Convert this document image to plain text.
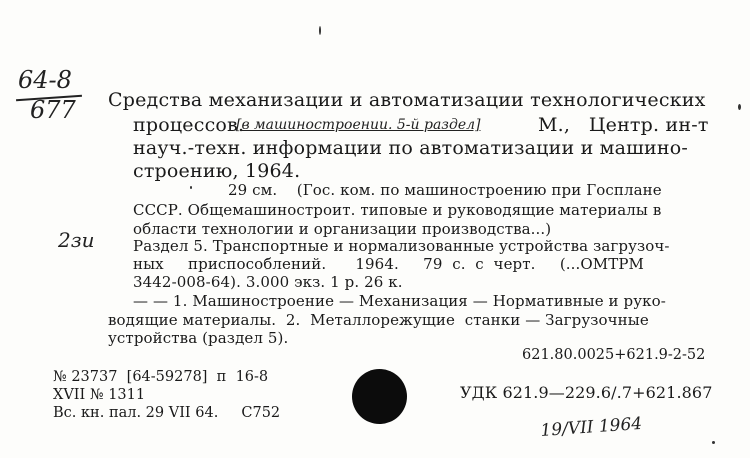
64-8
677 Средства механизации и автоматизации технологических
процессов.
[в машиностроении. 5-й раздел]	М.,   Центр. ин-т
науч.-техн. информации по автоматизации и машино-
строению, 1964.
29 см.    (Гос. ком. по машиностроению при Госплане
СССР. Общемашиностроит. типовые и руководящие материалы в
области технологии и организации производства...)
2зи	Раздел 5. Транспортные и нормализованные устройства загрузоч-
ных     приспособлений.      1964.     79  с.  с  черт.     (...ОМТРМ
3442-008-64). 3.000 экз. 1 р. 26 к.
— — 1. Машиностроение — Механизация — Нормативные и руко-
водящие материалы.  2.  Металлорежущие  станки — Загрузочные
устройства (раздел 5).
621.80.0025+621.9-2-52
№ 23737  [64-59278]  п  16-8
XVII № 1311
Вс. кн. пал. 29 VII 64.     С752
УДК 621.9—229.6/.7+621.867
19/VII 1964
